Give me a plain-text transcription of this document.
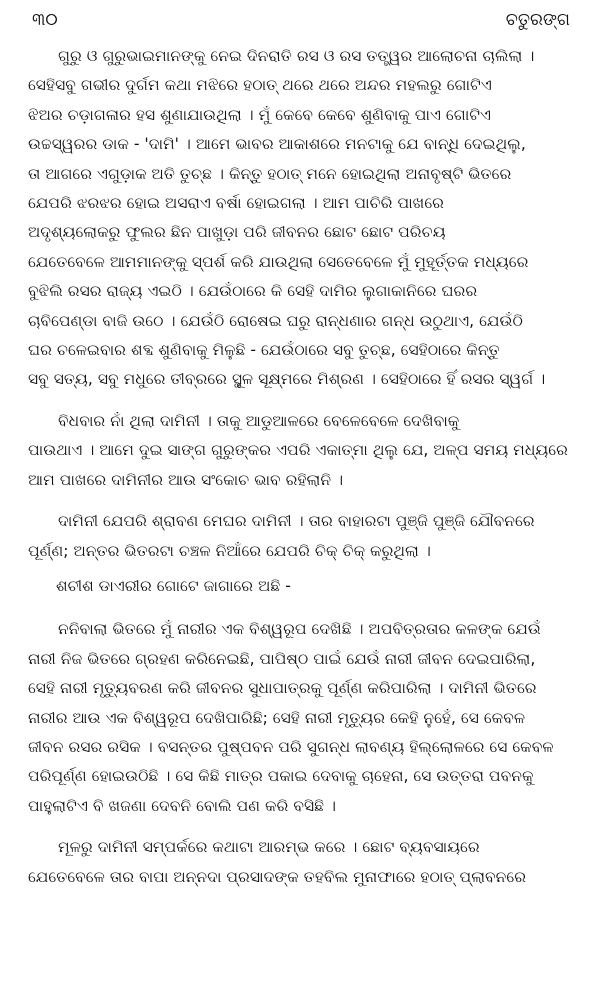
୩୦	ଚତୁରଙ୍ଗ

ଗୁରୁ ଓ ଗୁରୁଭାଇମାନଙ୍କୁ ନେଇ ଦିନରାତି ରସ ଓ ରସ ତତ୍ତ୍ୱର ଆଲୋଚନା ଚାଲିଲା ।
ସେହିସବୁ ଗଭୀର ଦୁର୍ଗମ କଥା ମଝିରେ ହଠାତ୍ ଥରେ ଥରେ ଅନ୍ଦର ମହଲରୁ ଗୋଟିଏ
ଝିଅର ଚଡ଼ାଗଳାର ହସ ଶୁଣାଯାଉଥିଲା । ମୁଁ କେବେ କେବେ ଶୁଣିବାକୁ ପାଏ ଗୋଟିଏ
ଉଚ୍ଚସ୍ୱରର ଡାକ - 'ଦାମି' । ଆମେ ଭାବର ଆକାଶରେ ମନଟାକୁ ଯେ ବାନ୍ଧି ଦେଇଥିଲୁ,
ତା ଆଗରେ ଏଗୁଡ଼ାକ ଅତି ତୁଚ୍ଛ । କିନ୍ତୁ ହଠାତ୍ ମନେ ହୋଇଥିଲା ଅନାବୃଷ୍ଟି ଭିତରେ
ଯେପରି ଝରଝର ହୋଇ ଅସରାଏ ବର୍ଷା ହୋଇଗଲା । ଆମ ପାଚିରି ପାଖରେ
ଅଦୃଶ୍ୟଲୋକରୁ ଫୁଲର ଛିନ ପାଖୁଡ଼ା ପରି ଜୀବନର ଛୋଟ ଛୋଟ ପରିଚୟ
ଯେତେବେଳେ ଆମମାନଙ୍କୁ ସ୍ପର୍ଶ କରି ଯାଉଥିଲା ସେତେବେଳେ ମୁଁ ମୁହୂର୍ତ୍ତକ ମଧ୍ୟରେ
ବୁଝିଲି ରସର ରାଜ୍ୟ ଏଇଠି । ଯେଉଁଠାରେ କି ସେହି ଦାମିର ଲୁଗାକାନିରେ ଘରର
ଚାବିପେଣ୍ଡା ବାଜି ଉଠେ । ଯେଉଁଠି ରୋଷେଇ ଘରୁ ରାନ୍ଧଣାର ଗନ୍ଧ ଉଠୁଥାଏ, ଯେଉଁଠି
ଘର ଚଳେଇବାର ଶବ୍ଦ ଶୁଣିବାକୁ ମିଳୁଛି - ଯେଉଁଠାରେ ସବୁ ତୁଚ୍ଛ, ସେହିଠାରେ କିନ୍ତୁ
ସବୁ ସତ୍ୟ, ସବୁ ମଧୁରେ ତୀବ୍ରରେ ସ୍ଥୂଳ ସୂକ୍ଷ୍ମରେ ମିଶ୍ରଣ । ସେହିଠାରେ ହିଁ ରସର ସ୍ୱର୍ଗ ।

ବିଧବାର ନାଁ ଥିଲା ଦାମିନୀ । ତାକୁ ଆଡୁଆଳରେ ବେଳେବେଳେ ଦେଖିବାକୁ
ପାଉଥାଏ । ଆମେ ଦୁଇ ସାଙ୍ଗ ଗୁରୁଙ୍କର ଏପରି ଏକାତ୍ମା ଥିଲୁ ଯେ, ଅଳ୍ପ ସମୟ ମଧ୍ୟରେ
ଆମ ପାଖରେ ଦାମିନୀର ଆଉ ସଂକୋଚ ଭାବ ରହିଲାନି ।

ଦାମିନୀ ଯେପରି ଶ୍ରାବଣ ମେଘର ଦାମିନୀ । ତାର ବାହାରଟା ପୁଞ୍ଜି ପୁଞ୍ଜି ଯୌବନରେ
ପୂର୍ଣ୍ଣ; ଅନ୍ତର ଭିତରଟା ଚଞ୍ଚଳ ନିଆଁରେ ଯେପରି ଚିକ୍ ଚିକ୍ କରୁଥିଲା ।

ଶଚୀଶ ଡାଏରୀର ଗୋଟେ ଜାଗାରେ ଅଛି -

ନନିବାଲା ଭିତରେ ମୁଁ ନାରୀର ଏକ ବିଶ୍ୱରୂପ ଦେଖିଛି । ଅପବିତ୍ରତାର କଳଙ୍କ ଯେଉଁ
ନାରୀ ନିଜ ଭିତରେ ଗ୍ରହଣ କରିନେଇଛି, ପାପିଷ୍ଠ ପାଇଁ ଯେଉଁ ନାରୀ ଜୀବନ ଦେଇପାରିଲା,
ସେହି ନାରୀ ମୃତ୍ୟୁବରଣ କରି ଜୀବନର ସୁଧାପାତ୍ରକୁ ପୂର୍ଣ୍ଣ କରିପାରିଲା । ଦାମିନୀ ଭିତରେ
ନାରୀର ଆଉ ଏକ ବିଶ୍ୱରୂପ ଦେଖିପାରିଛି; ସେହି ନାରୀ ମୃତ୍ୟୁର କେହି ନୁହେଁ, ସେ କେବଳ
ଜୀବନ ରସର ରସିକ । ବସନ୍ତର ପୁଷ୍ପବନ ପରି ସୁଗନ୍ଧ ଲାବଣ୍ୟ ହିଲ୍ଲୋଳରେ ସେ କେବଳ
ପରିପୂର୍ଣ୍ଣ ହୋଇଉଠିଛି । ସେ କିଛି ମାତ୍ର ପକାଇ ଦେବାକୁ ଚାହେନା, ସେ ଉତ୍ତରା ପବନକୁ
ପାହୁଲାଟିଏ ବି ଖଜଣା ଦେବନି ବୋଲି ପଣ କରି ବସିଛି ।

ମୂଳରୁ ଦାମିନୀ ସମ୍ପର୍କରେ କଥାଟା ଆରମ୍ଭ କରେ । ଛୋଟ ବ୍ୟବସାୟରେ
ଯେତେବେଳେ ତାର ବାପା ଅନ୍ନଦା ପ୍ରସାଦଙ୍କ ତହବିଲ ମୁନାଫାରେ ହଠାତ୍ ପ୍ଲାବନରେ
